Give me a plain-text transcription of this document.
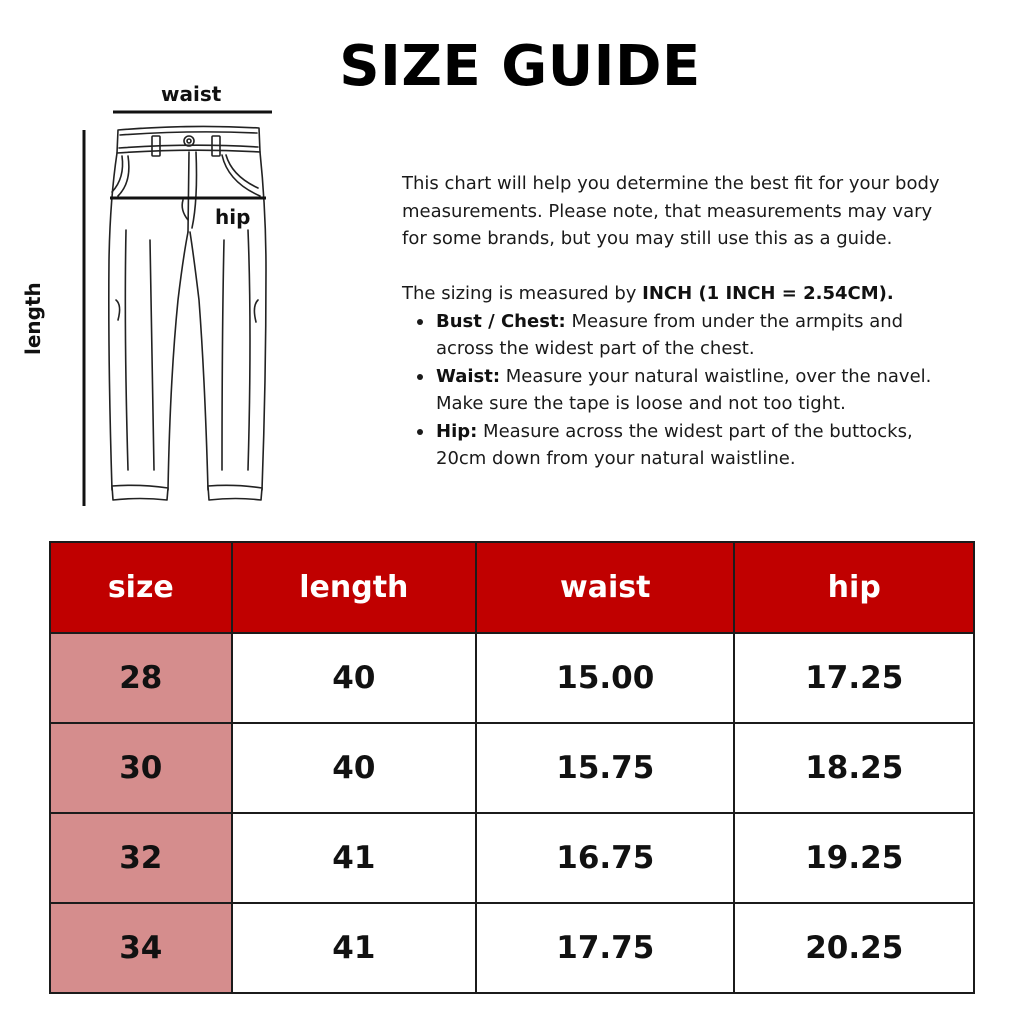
SIZE GUIDE
waist
hip
length

This chart will help you determine the best fit for your body

measurements. Please note, that measurements may vary

for some brands, but you may still use this as a guide.

The sizing is measured by INCH (1 INCH = 2.54CM).

Bust / Chest: Measure from under the armpits and
across the widest part of the chest.
Waist: Measure your natural waistline, over the navel.
Make sure the tape is loose and not too tight.
Hip: Measure across the widest part of the buttocks,
20cm down from your natural waistline.
size	length	waist	hip
28	40	15.00	17.25
30	40	15.75	18.25
32	41	16.75	19.25
34	41	17.75	20.25
